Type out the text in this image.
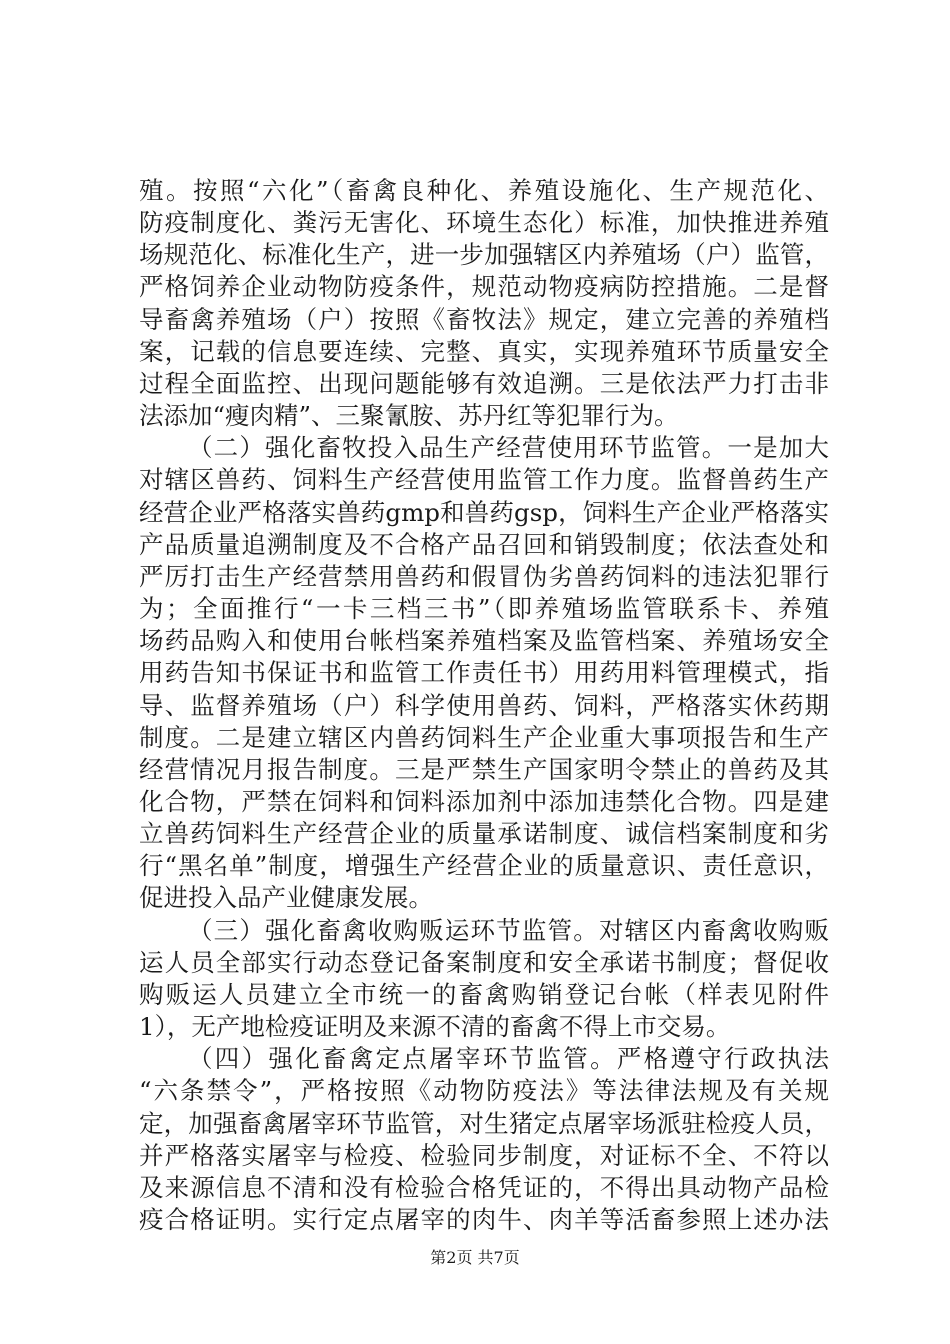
殖。按照“六化”（畜禽良种化、养殖设施化、生产规范化、
防疫制度化、粪污无害化、环境生态化）标准，加快推进养殖
场规范化、标准化生产，进一步加强辖区内养殖场（户）监管，
严格饲养企业动物防疫条件，规范动物疫病防控措施。二是督
导畜禽养殖场（户）按照《畜牧法》规定，建立完善的养殖档
案，记载的信息要连续、完整、真实，实现养殖环节质量安全
过程全面监控、出现问题能够有效追溯。三是依法严力打击非
法添加“瘦肉精”、三聚氰胺、苏丹红等犯罪行为。
（二）强化畜牧投入品生产经营使用环节监管。一是加大
对辖区兽药、饲料生产经营使用监管工作力度。监督兽药生产
经营企业严格落实兽药gmp和兽药gsp，饲料生产企业严格落实
产品质量追溯制度及不合格产品召回和销毁制度；依法查处和
严厉打击生产经营禁用兽药和假冒伪劣兽药饲料的违法犯罪行
为；全面推行“一卡三档三书”（即养殖场监管联系卡、养殖
场药品购入和使用台帐档案养殖档案及监管档案、养殖场安全
用药告知书保证书和监管工作责任书）用药用料管理模式，指
导、监督养殖场（户）科学使用兽药、饲料，严格落实休药期
制度。二是建立辖区内兽药饲料生产企业重大事项报告和生产
经营情况月报告制度。三是严禁生产国家明令禁止的兽药及其
化合物，严禁在饲料和饲料添加剂中添加违禁化合物。四是建
立兽药饲料生产经营企业的质量承诺制度、诚信档案制度和劣
行“黑名单”制度，增强生产经营企业的质量意识、责任意识，
促进投入品产业健康发展。
（三）强化畜禽收购贩运环节监管。对辖区内畜禽收购贩
运人员全部实行动态登记备案制度和安全承诺书制度；督促收
购贩运人员建立全市统一的畜禽购销登记台帐（样表见附件
1），无产地检疫证明及来源不清的畜禽不得上市交易。
（四）强化畜禽定点屠宰环节监管。严格遵守行政执法
“六条禁令”，严格按照《动物防疫法》等法律法规及有关规
定，加强畜禽屠宰环节监管，对生猪定点屠宰场派驻检疫人员，
并严格落实屠宰与检疫、检验同步制度，对证标不全、不符以
及来源信息不清和没有检验合格凭证的，不得出具动物产品检
疫合格证明。实行定点屠宰的肉牛、肉羊等活畜参照上述办法
第2页 共7页
